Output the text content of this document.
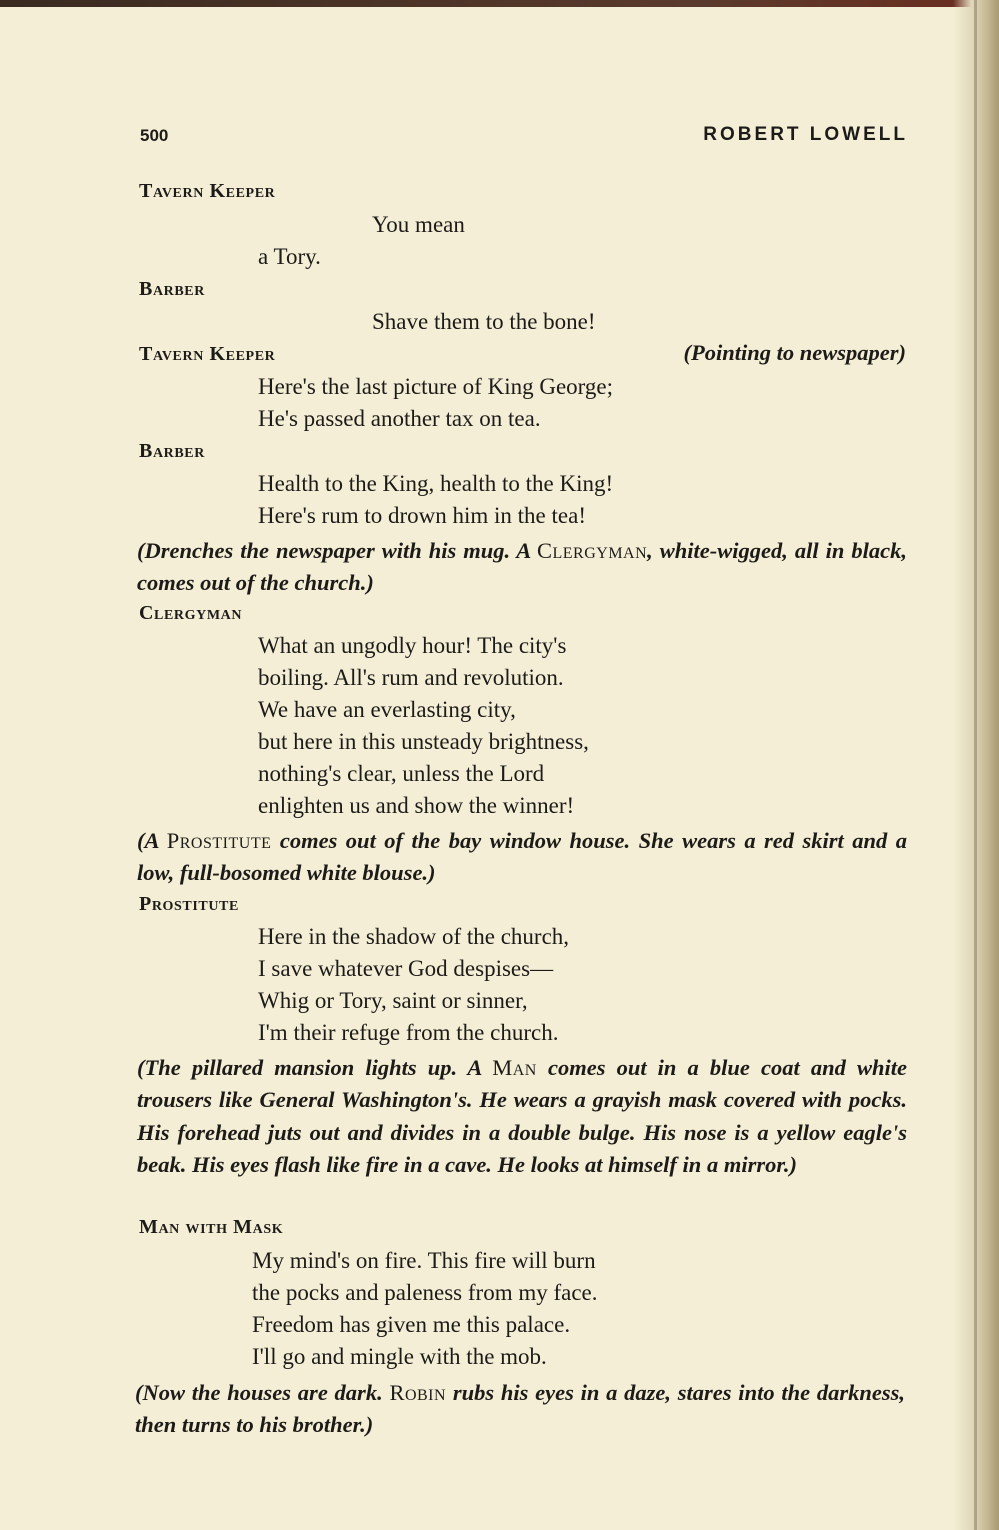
500	ROBERT LOWELL
Tavern Keeper
You mean
a Tory.
Barber
Shave them to the bone!
Tavern Keeper	(Pointing to newspaper)
Here's the last picture of King George;
He's passed another tax on tea.
Barber
Health to the King, health to the King!
Here's rum to drown him in the tea!
(Drenches the newspaper with his mug. A Clergyman, white-wigged, all in black, comes out of the church.)
Clergyman
What an ungodly hour! The city's
boiling. All's rum and revolution.
We have an everlasting city,
but here in this unsteady brightness,
nothing's clear, unless the Lord
enlighten us and show the winner!
(A Prostitute comes out of the bay window house. She wears a red skirt and a low, full-bosomed white blouse.)
Prostitute
Here in the shadow of the church,
I save whatever God despises—
Whig or Tory, saint or sinner,
I'm their refuge from the church.
(The pillared mansion lights up. A Man comes out in a blue coat and white trousers like General Washington's. He wears a grayish mask covered with pocks. His forehead juts out and divides in a double bulge. His nose is a yellow eagle's beak. His eyes flash like fire in a cave. He looks at himself in a mirror.)
Man with Mask
My mind's on fire. This fire will burn
the pocks and paleness from my face.
Freedom has given me this palace.
I'll go and mingle with the mob.
(Now the houses are dark. Robin rubs his eyes in a daze, stares into the darkness, then turns to his brother.)
